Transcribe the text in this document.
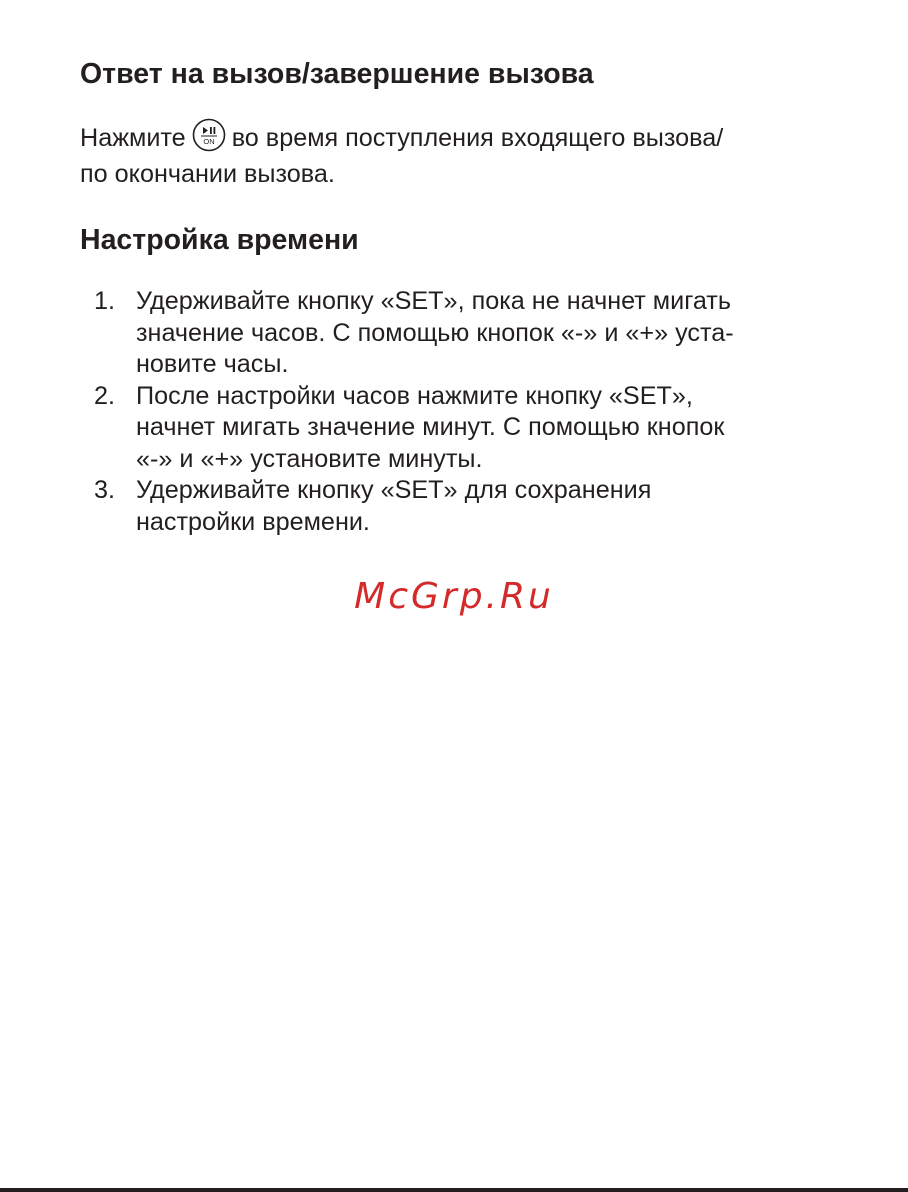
Ответ на вызов/завершение вызова

Нажмите ON во время поступления входящего вызова/
по окончании вызова.

Настройка времени
1. Удерживайте кнопку «SET», пока не начнет мигать
значение часов. С помощью кнопок «-» и «+» уста-
новите часы.
2. После настройки часов нажмите кнопку «SET»,
начнет мигать значение минут. С помощью кнопок
«-» и «+» установите минуты.
3. Удерживайте кнопку «SET» для сохранения
настройки времени.
McGrp.Ru
